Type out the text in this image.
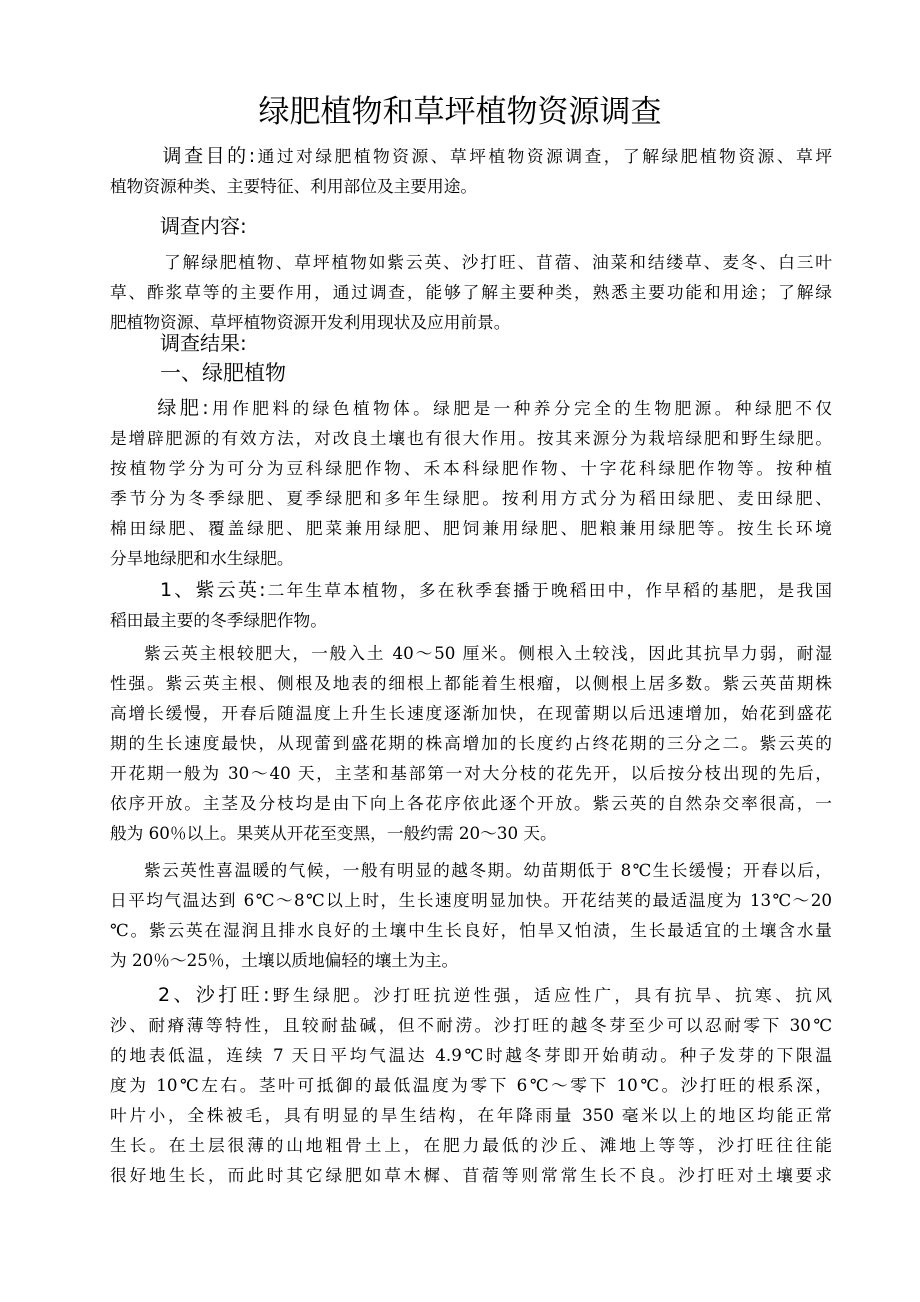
绿肥植物和草坪植物资源调查
调查目的:通过对绿肥植物资源、草坪植物资源调查，了解绿肥植物资源、草坪
植物资源种类、主要特征、利用部位及主要用途。
调查内容:
了解绿肥植物、草坪植物如紫云英、沙打旺、苜蓿、油菜和结缕草、麦冬、白三叶
草、酢浆草等的主要作用，通过调查，能够了解主要种类，熟悉主要功能和用途；了解绿
肥植物资源、草坪植物资源开发利用现状及应用前景。
调查结果:
一、绿肥植物
绿肥:用作肥料的绿色植物体。绿肥是一种养分完全的生物肥源。种绿肥不仅
是增辟肥源的有效方法，对改良土壤也有很大作用。按其来源分为栽培绿肥和野生绿肥。
按植物学分为可分为豆科绿肥作物、禾本科绿肥作物、十字花科绿肥作物等。按种植
季节分为冬季绿肥、夏季绿肥和多年生绿肥。按利用方式分为稻田绿肥、麦田绿肥、
棉田绿肥、覆盖绿肥、肥菜兼用绿肥、肥饲兼用绿肥、肥粮兼用绿肥等。按生长环境
分旱地绿肥和水生绿肥。
1、紫云英:二年生草本植物，多在秋季套播于晚稻田中，作早稻的基肥，是我国
稻田最主要的冬季绿肥作物。
紫云英主根较肥大，一般入土 40～50 厘米。侧根入土较浅，因此其抗旱力弱，耐湿
性强。紫云英主根、侧根及地表的细根上都能着生根瘤，以侧根上居多数。紫云英苗期株
高增长缓慢，开春后随温度上升生长速度逐渐加快，在现蕾期以后迅速增加，始花到盛花
期的生长速度最快，从现蕾到盛花期的株高增加的长度约占终花期的三分之二。紫云英的
开花期一般为 30～40 天，主茎和基部第一对大分枝的花先开，以后按分枝出现的先后，
依序开放。主茎及分枝均是由下向上各花序依此逐个开放。紫云英的自然杂交率很高，一
般为 60％以上。果荚从开花至变黑，一般约需 20～30 天。
紫云英性喜温暖的气候，一般有明显的越冬期。幼苗期低于 8℃生长缓慢；开春以后，
日平均气温达到 6℃～8℃以上时，生长速度明显加快。开花结荚的最适温度为 13℃～20
℃。紫云英在湿润且排水良好的土壤中生长良好，怕旱又怕渍，生长最适宜的土壤含水量
为 20％～25％，土壤以质地偏轻的壤土为主。
2、沙打旺:野生绿肥。沙打旺抗逆性强，适应性广，具有抗旱、抗寒、抗风
沙、耐瘠薄等特性，且较耐盐碱，但不耐涝。沙打旺的越冬芽至少可以忍耐零下 30℃
的地表低温，连续 7 天日平均气温达 4.9℃时越冬芽即开始萌动。种子发芽的下限温
度为 10℃左右。茎叶可抵御的最低温度为零下 6℃～零下 10℃。沙打旺的根系深，
叶片小，全株被毛，具有明显的旱生结构，在年降雨量 350 毫米以上的地区均能正常
生长。在土层很薄的山地粗骨土上，在肥力最低的沙丘、滩地上等等，沙打旺往往能
很好地生长，而此时其它绿肥如草木樨、苜蓿等则常常生长不良。沙打旺对土壤要求
